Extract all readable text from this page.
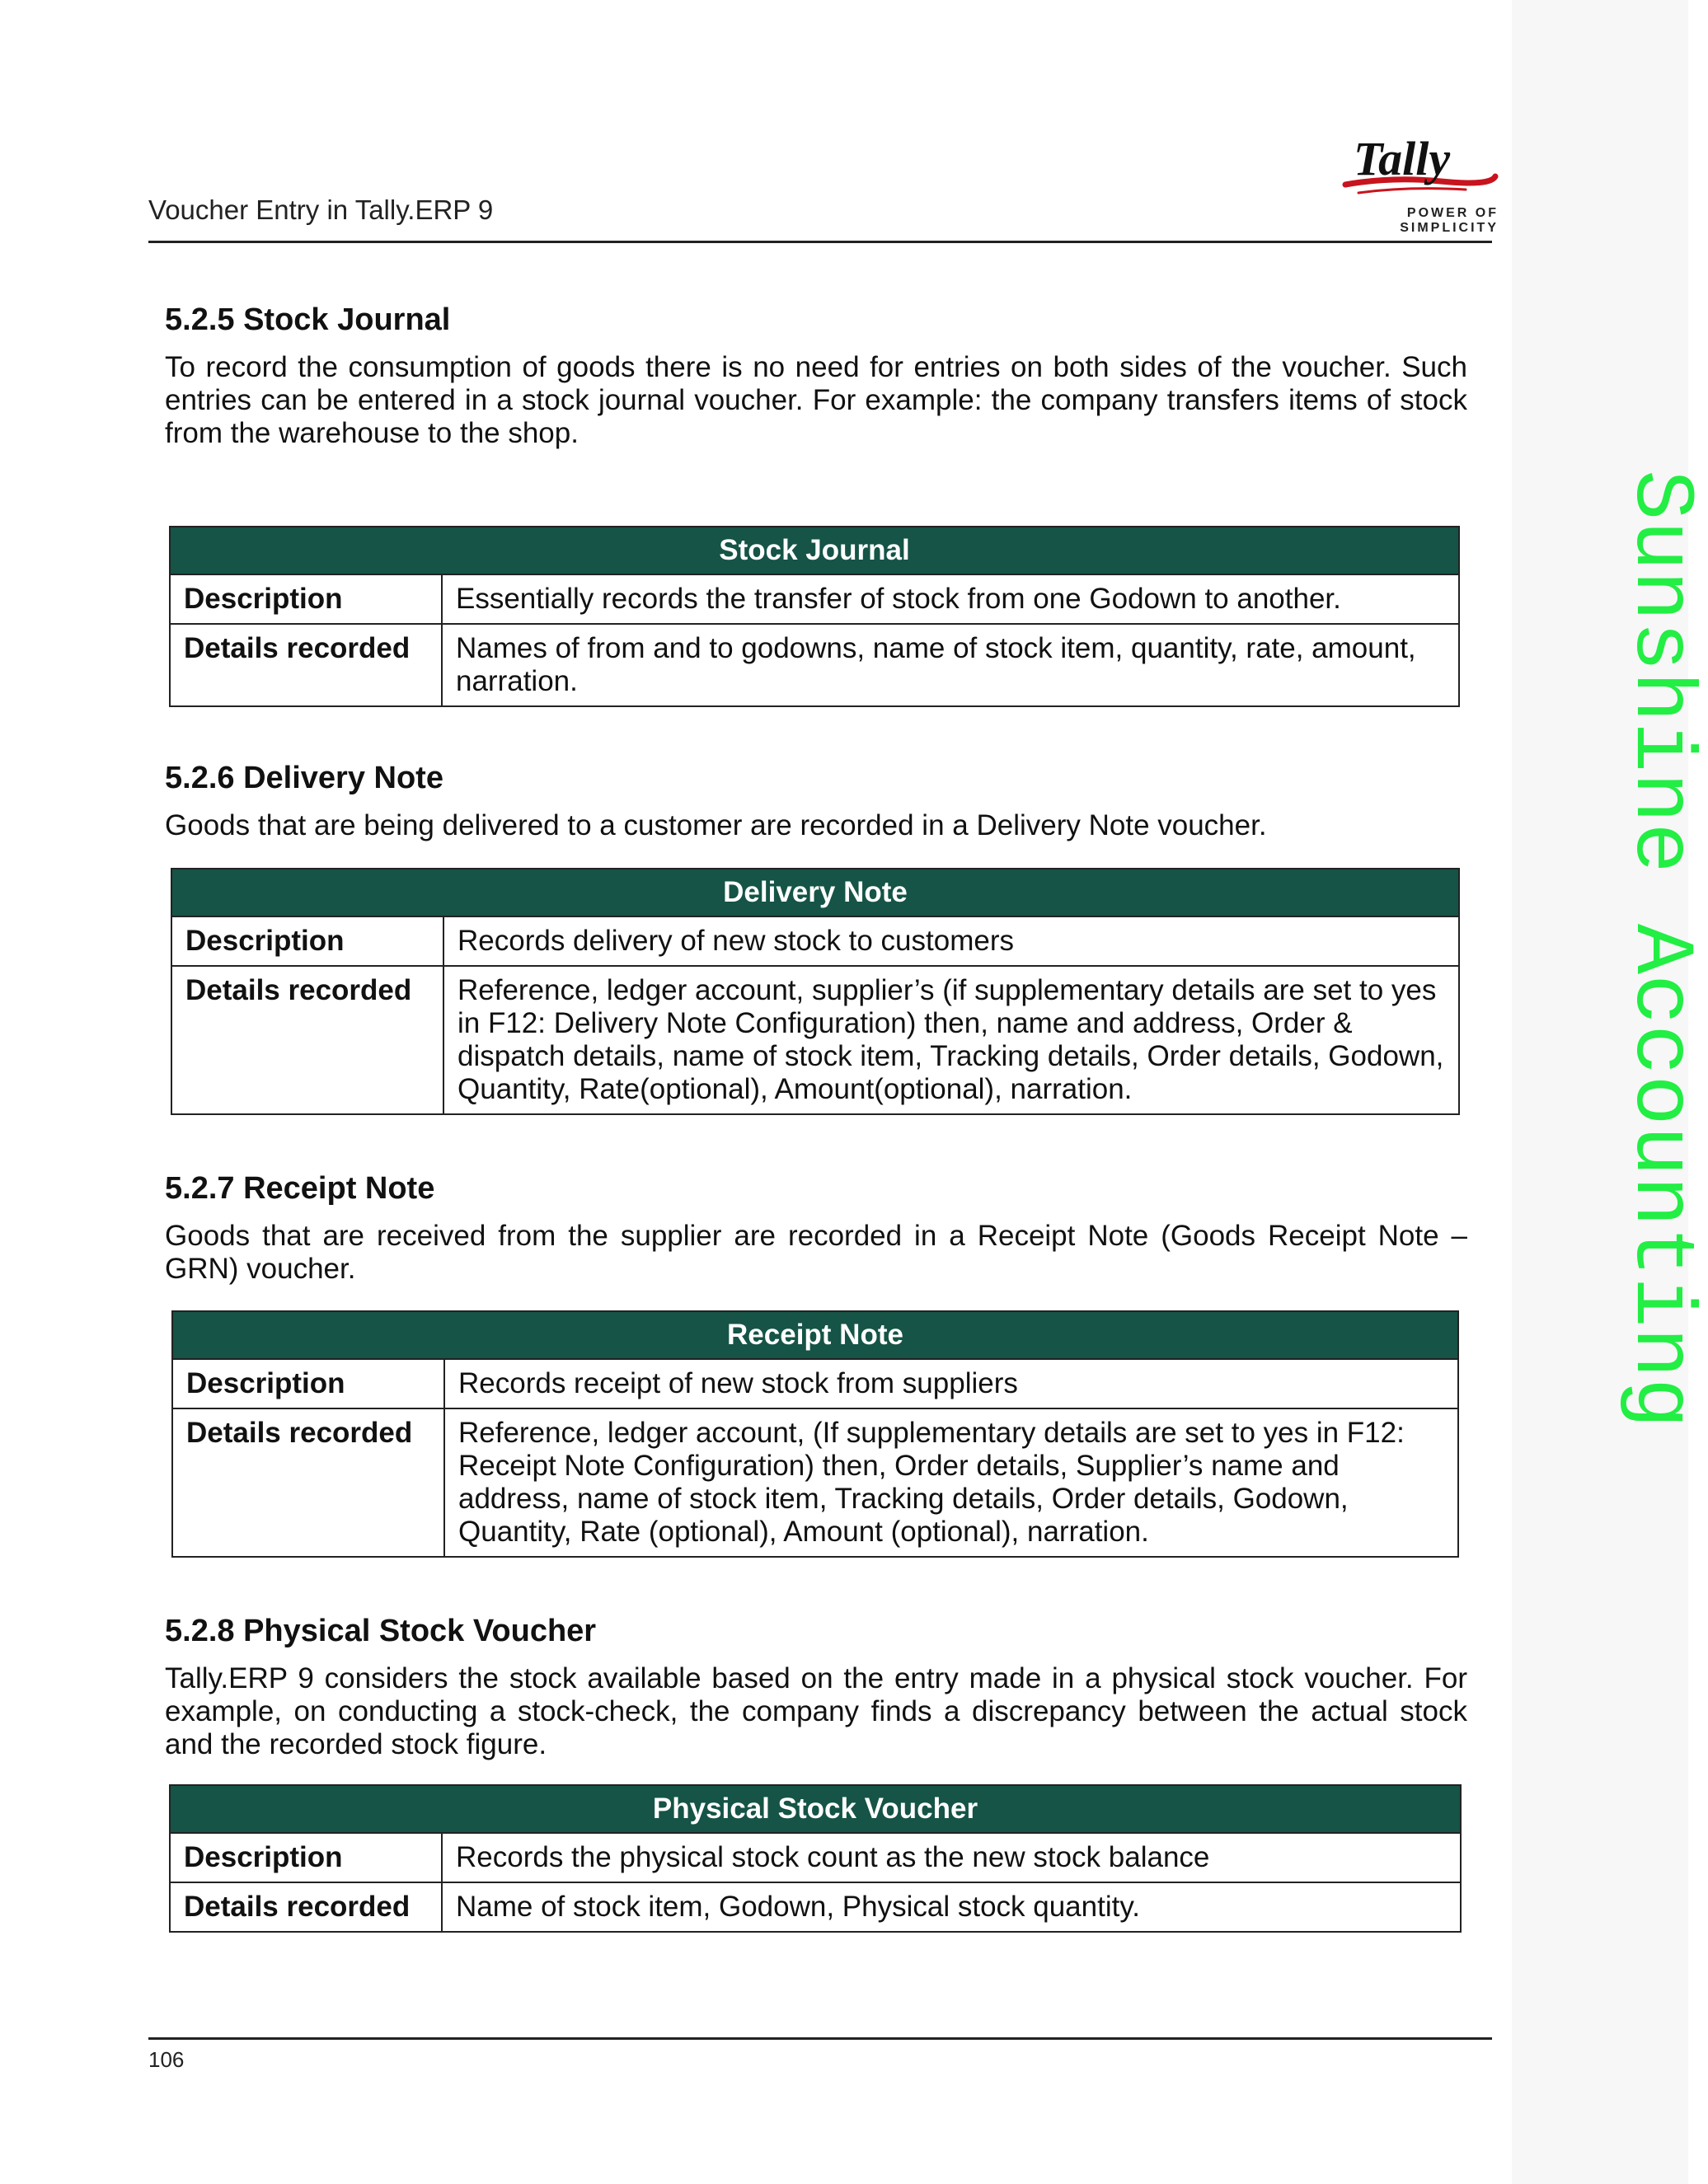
Sunshine Accounting
Voucher Entry in Tally.ERP 9
Tally
POWER OF SIMPLICITY
5.2.5 Stock Journal

To record the consumption of goods there is no need for entries on both sides of the voucher. Such entries can be entered in a stock journal voucher. For example: the company transfers items of stock from the warehouse to the shop.

Stock Journal	
Description	Essentially records the transfer of stock from one Godown to another.
Details recorded	Names of from and to godowns, name of stock item, quantity, rate, amount, narration.
5.2.6 Delivery Note

Goods that are being delivered to a customer are recorded in a Delivery Note voucher.

Delivery Note	
Description	Records delivery of new stock to customers
Details recorded	Reference, ledger account, supplier’s (if supplementary details are set to yes in F12: Delivery Note Configuration) then, name and address, Order & dispatch details, name of stock item, Tracking details, Order details, Godown, Quantity, Rate(optional), Amount(optional), narration.
5.2.7 Receipt Note

Goods that are received from the supplier are recorded in a Receipt Note (Goods Receipt Note – GRN) voucher.

Receipt Note	
Description	Records receipt of new stock from suppliers
Details recorded	Reference, ledger account, (If supplementary details are set to yes in F12: Receipt Note Configuration) then, Order details, Supplier’s name and address, name of stock item, Tracking details, Order details, Godown, Quantity, Rate (optional), Amount (optional), narration.
5.2.8 Physical Stock Voucher

Tally.ERP 9 considers the stock available based on the entry made in a physical stock voucher. For example, on conducting a stock-check, the company finds a discrepancy between the actual stock and the recorded stock figure.

Physical Stock Voucher	
Description	Records the physical stock count as the new stock balance
Details recorded	Name of stock item, Godown, Physical stock quantity.
106
